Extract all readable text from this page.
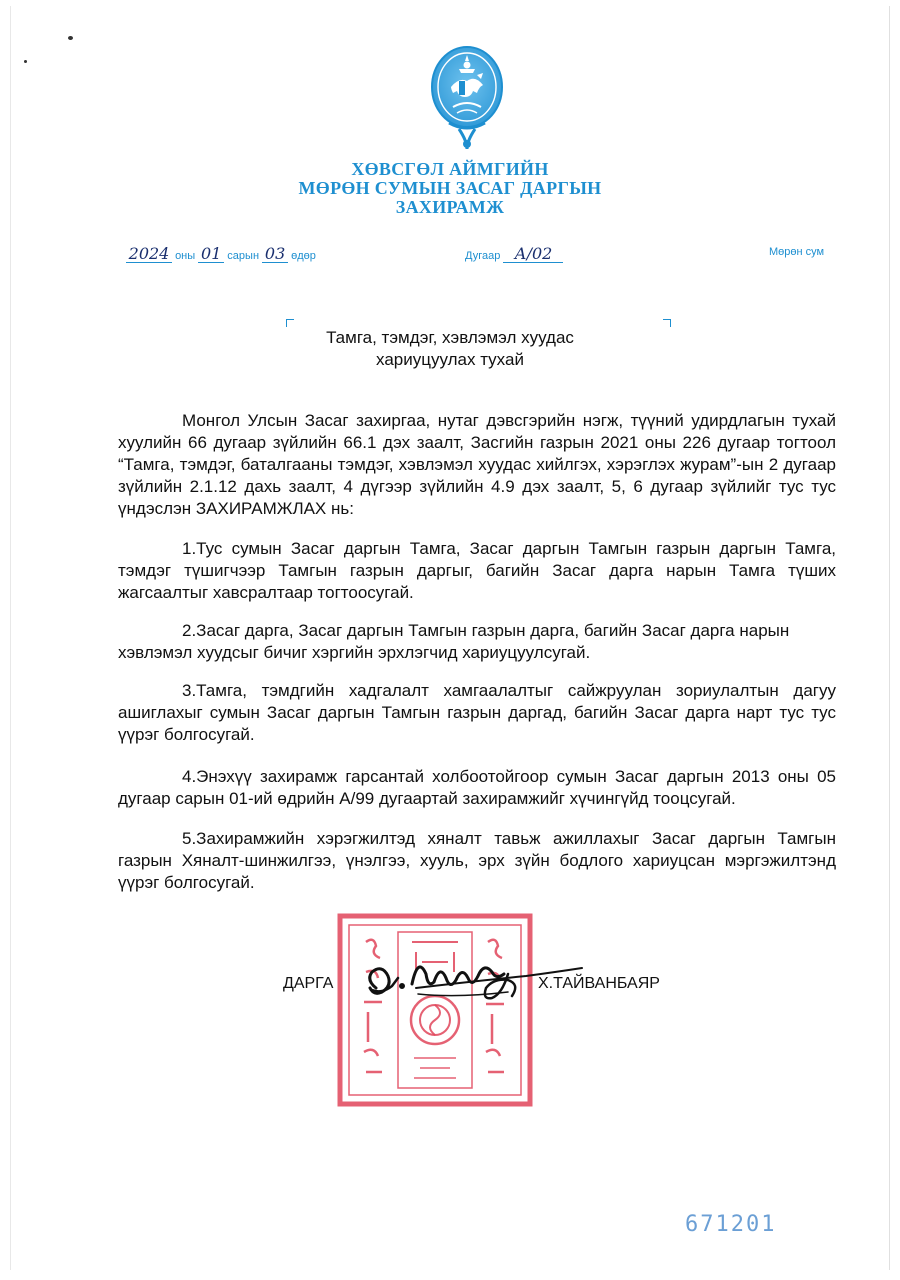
ХӨВСГӨЛ АЙМГИЙН
МӨРӨН СУМЫН ЗАСАГ ДАРГЫН
ЗАХИРАМЖ
2024 оны 01 сарын 03 өдөр	Дугаар А/02	Мөрөн сум
Тамга, тэмдэг, хэвлэмэл хуудас
хариуцуулах тухай
Монгол Улсын Засаг захиргаа, нутаг дэвсгэрийн нэгж, түүний удирдлагын тухай хуулийн 66 дугаар зүйлийн 66.1 дэх заалт, Засгийн газрын 2021 оны 226 дугаар тогтоол “Тамга, тэмдэг, баталгааны тэмдэг, хэвлэмэл хуудас хийлгэх, хэрэглэх журам”-ын 2 дугаар зүйлийн 2.1.12 дахь заалт, 4 дүгээр зүйлийн 4.9 дэх заалт, 5, 6 дугаар зүйлийг тус тус үндэслэн ЗАХИРАМЖЛАХ нь:
1.Тус сумын Засаг даргын Тамга, Засаг даргын Тамгын газрын даргын Тамга, тэмдэг түшигчээр Тамгын газрын даргыг, багийн Засаг дарга нарын Тамга түших жагсаалтыг хавсралтаар тогтоосугай.
2.Засаг дарга, Засаг даргын Тамгын газрын дарга, багийн Засаг дарга нарын хэвлэмэл хуудсыг бичиг хэргийн эрхлэгчид хариуцуулсугай.
3.Тамга, тэмдгийн хадгалалт хамгаалалтыг сайжруулан зориулалтын дагуу ашиглахыг сумын Засаг даргын Тамгын газрын даргад, багийн Засаг дарга нарт тус тус үүрэг болгосугай.
4.Энэхүү захирамж гарсантай холбоотойгоор сумын Засаг даргын 2013 оны 05 дугаар сарын 01-ий өдрийн А/99 дугаартай захирамжийг хүчингүйд тооцсугай.
5.Захирамжийн хэрэгжилтэд хяналт тавьж ажиллахыг Засаг даргын Тамгын газрын Хяналт-шинжилгээ, үнэлгээ, хууль, эрх зүйн бодлого хариуцсан мэргэжилтэнд үүрэг болгосугай.
ДАРГА	Х.ТАЙВАНБАЯР
671201
